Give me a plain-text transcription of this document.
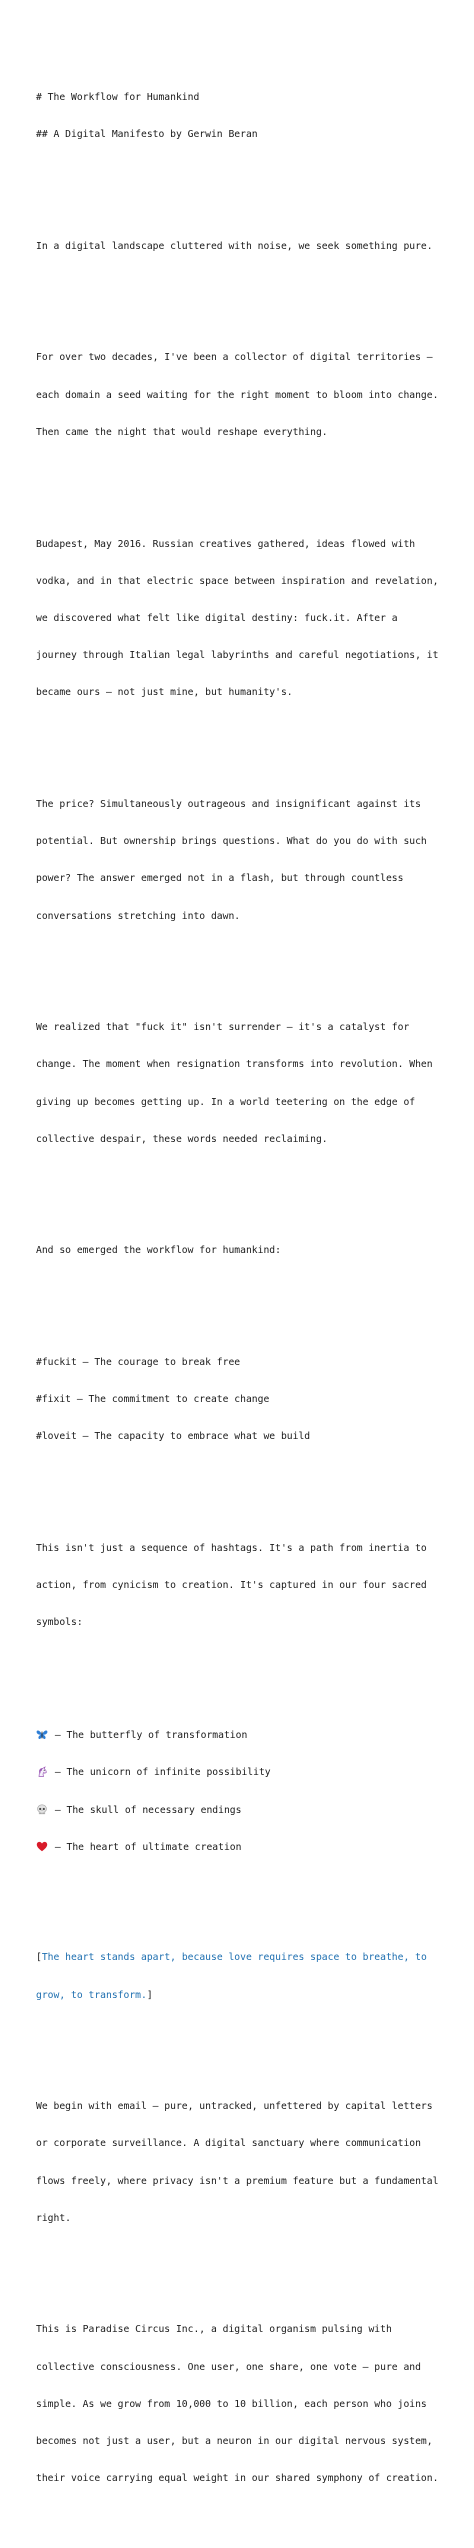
# The Workflow for Humankind

## A Digital Manifesto by Gerwin Beran

In a digital landscape cluttered with noise, we seek something pure.

For over two decades, I've been a collector of digital territories –

each domain a seed waiting for the right moment to bloom into change.

Then came the night that would reshape everything.

Budapest, May 2016. Russian creatives gathered, ideas flowed with

vodka, and in that electric space between inspiration and revelation,

we discovered what felt like digital destiny: fuck.it. After a

journey through Italian legal labyrinths and careful negotiations, it

became ours – not just mine, but humanity's.

The price? Simultaneously outrageous and insignificant against its

potential. But ownership brings questions. What do you do with such

power? The answer emerged not in a flash, but through countless

conversations stretching into dawn.

We realized that "fuck it" isn't surrender – it's a catalyst for

change. The moment when resignation transforms into revolution. When

giving up becomes getting up. In a world teetering on the edge of

collective despair, these words needed reclaiming.

And so emerged the workflow for humankind:

#fuckit – The courage to break free

#fixit – The commitment to create change

#loveit – The capacity to embrace what we build

This isn't just a sequence of hashtags. It's a path from inertia to

action, from cynicism to creation. It's captured in our four sacred

symbols:

– The butterfly of transformation

– The unicorn of infinite possibility

– The skull of necessary endings

– The heart of ultimate creation

[The heart stands apart, because love requires space to breathe, to

grow, to transform.]

We begin with email – pure, untracked, unfettered by capital letters

or corporate surveillance. A digital sanctuary where communication

flows freely, where privacy isn't a premium feature but a fundamental

right.

This is Paradise Circus Inc., a digital organism pulsing with

collective consciousness. One user, one share, one vote – pure and

simple. As we grow from 10,000 to 10 billion, each person who joins

becomes not just a user, but a neuron in our digital nervous system,

their voice carrying equal weight in our shared symphony of creation.
